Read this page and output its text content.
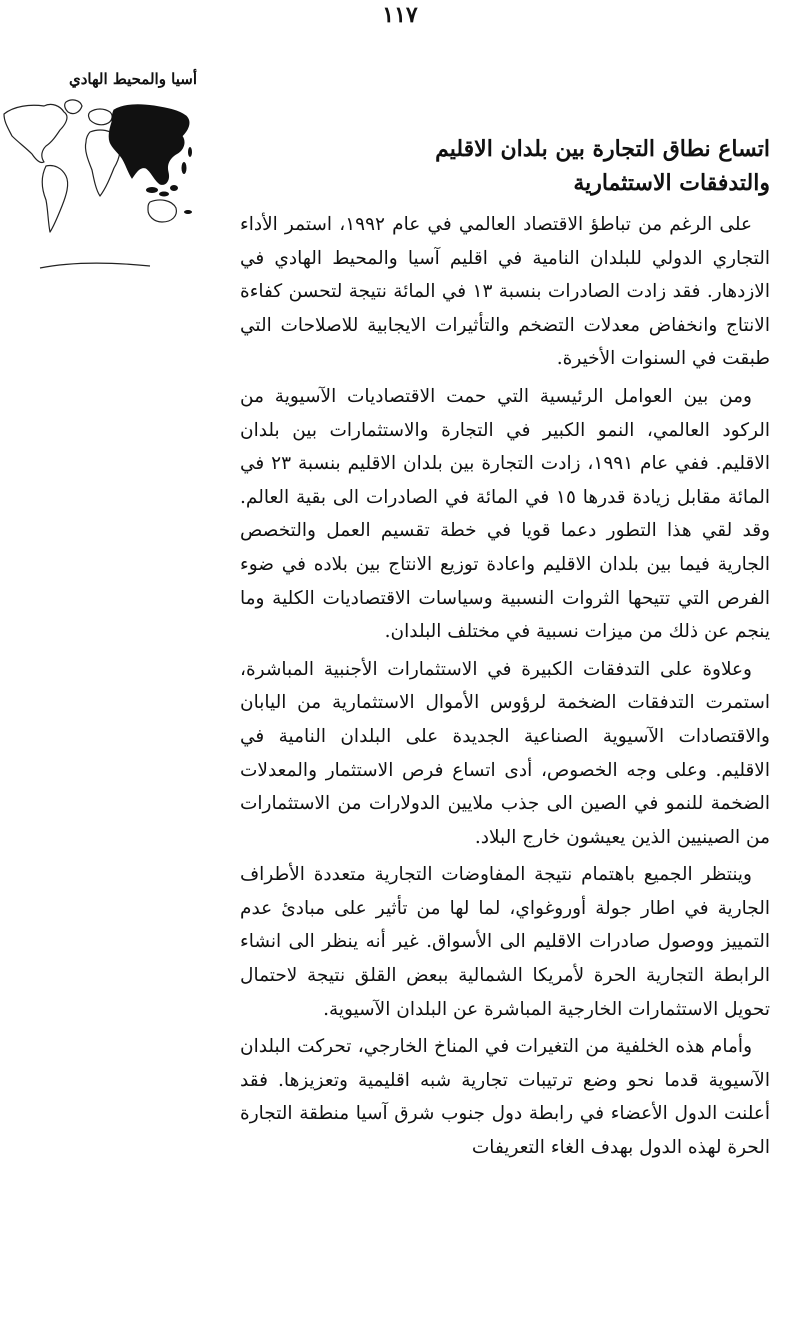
١١٧
أسيا والمحيط الهادي
اتساع نطاق التجارة بين بلدان الاقليم
والتدفقات الاستثمارية

على الرغم من تباطؤ الاقتصاد العالمي في عام ١٩٩٢، استمر الأداء التجاري الدولي للبلدان النامية في اقليم آسيا والمحيط الهادي في الازدهار. فقد زادت الصادرات بنسبة ١٣ في المائة نتيجة لتحسن كفاءة الانتاج وانخفاض معدلات التضخم والتأثيرات الايجابية للاصلاحات التي طبقت في السنوات الأخيرة.

ومن بين العوامل الرئيسية التي حمت الاقتصاديات الآسيوية من الركود العالمي، النمو الكبير في التجارة والاستثمارات بين بلدان الاقليم. ففي عام ١٩٩١، زادت التجارة بين بلدان الاقليم بنسبة ٢٣ في المائة مقابل زيادة قدرها ١٥ في المائة في الصادرات الى بقية العالم. وقد لقي هذا التطور دعما قويا في خطة تقسيم العمل والتخصص الجارية فيما بين بلدان الاقليم واعادة توزيع الانتاج بين بلاده في ضوء الفرص التي تتيحها الثروات النسبية وسياسات الاقتصاديات الكلية وما ينجم عن ذلك من ميزات نسبية في مختلف البلدان.

وعلاوة على التدفقات الكبيرة في الاستثمارات الأجنبية المباشرة، استمرت التدفقات الضخمة لرؤوس الأموال الاستثمارية من اليابان والاقتصادات الآسيوية الصناعية الجديدة على البلدان النامية في الاقليم. وعلى وجه الخصوص، أدى اتساع فرص الاستثمار والمعدلات الضخمة للنمو في الصين الى جذب ملايين الدولارات من الاستثمارات من الصينيين الذين يعيشون خارج البلاد.

وينتظر الجميع باهتمام نتيجة المفاوضات التجارية متعددة الأطراف الجارية في اطار جولة أوروغواي، لما لها من تأثير على مبادئ عدم التمييز ووصول صادرات الاقليم الى الأسواق. غير أنه ينظر الى انشاء الرابطة التجارية الحرة لأمريكا الشمالية ببعض القلق نتيجة لاحتمال تحويل الاستثمارات الخارجية المباشرة عن البلدان الآسيوية.

وأمام هذه الخلفية من التغيرات في المناخ الخارجي، تحركت البلدان الآسيوية قدما نحو وضع ترتيبات تجارية شبه اقليمية وتعزيزها. فقد أعلنت الدول الأعضاء في رابطة دول جنوب شرق آسيا منطقة التجارة الحرة لهذه الدول بهدف الغاء التعريفات
